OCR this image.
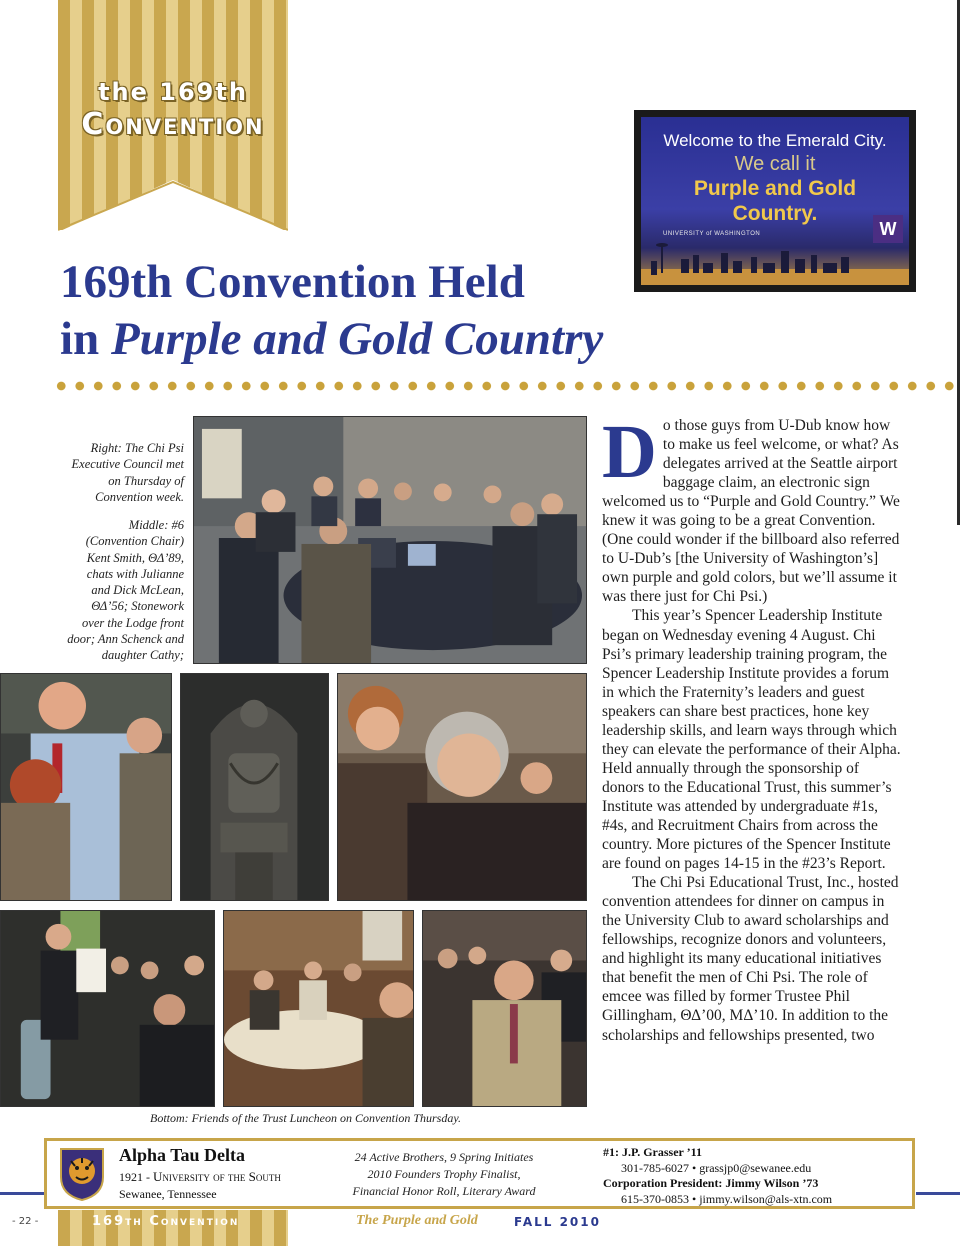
the 169th
Convention	Welcome to the Emerald City.
We call it
Purple and Gold
Country.
UNIVERSITY of WASHINGTON	W
169th Convention Held
in Purple and Gold Country
Right: The Chi Psi Executive Council met on Thursday of Convention week.
Middle: #6 (Convention Chair) Kent Smith, ΘΔ’89, chats with Julianne and Dick McLean, ΘΔ’56; Stonework over the Lodge front door; Ann Schenck and daughter Cathy;
Bottom: Friends of the Trust Luncheon on Convention Thursday.

Do those guys from U-Dub know how to make us feel welcome, or what? As delegates arrived at the Seattle airport baggage claim, an electronic sign welcomed us to “Purple and Gold Country.” We knew it was going to be a great Convention. (One could wonder if the billboard also referred to U-Dub’s [the University of Washington’s] own purple and gold colors, but we’ll assume it was there just for Chi Psi.)

This year’s Spencer Leadership Institute began on Wednesday evening 4 August. Chi Psi’s primary leadership training program, the Spencer Leadership Institute provides a forum in which the Fraternity’s leaders and guest speakers can share best practices, hone key leadership skills, and learn ways through which they can elevate the performance of their Alpha. Held annually through the sponsorship of donors to the Educational Trust, this summer’s Institute was attended by undergraduate #1s, #4s, and Recruitment Chairs from across the country. More pictures of the Spencer Institute are found on pages 14-15 in the #23’s Report.

The Chi Psi Educational Trust, Inc., hosted convention attendees for dinner on campus in the University Club to award scholarships and fellowships, recognize donors and volunteers, and highlight its many educational initiatives that benefit the men of Chi Psi. The role of emcee was filled by former Trustee Phil Gillingham, ΘΔ’00, MΔ’10. In addition to the scholarships and fellowships presented, two

Alpha Tau Delta
1921 - University of the South
Sewanee, Tennessee
24 Active Brothers, 9 Spring Initiates
2010 Founders Trophy Finalist,
Financial Honor Roll, Literary Award
#1: J.P. Grasser ’11
301-785-6027 • grassjp0@sewanee.edu
Corporation President: Jimmy Wilson ’73
615-370-0853 • jimmy.wilson@als-xtn.com
- 22 -	169th Convention	The Purple and Gold	FALL 2010
